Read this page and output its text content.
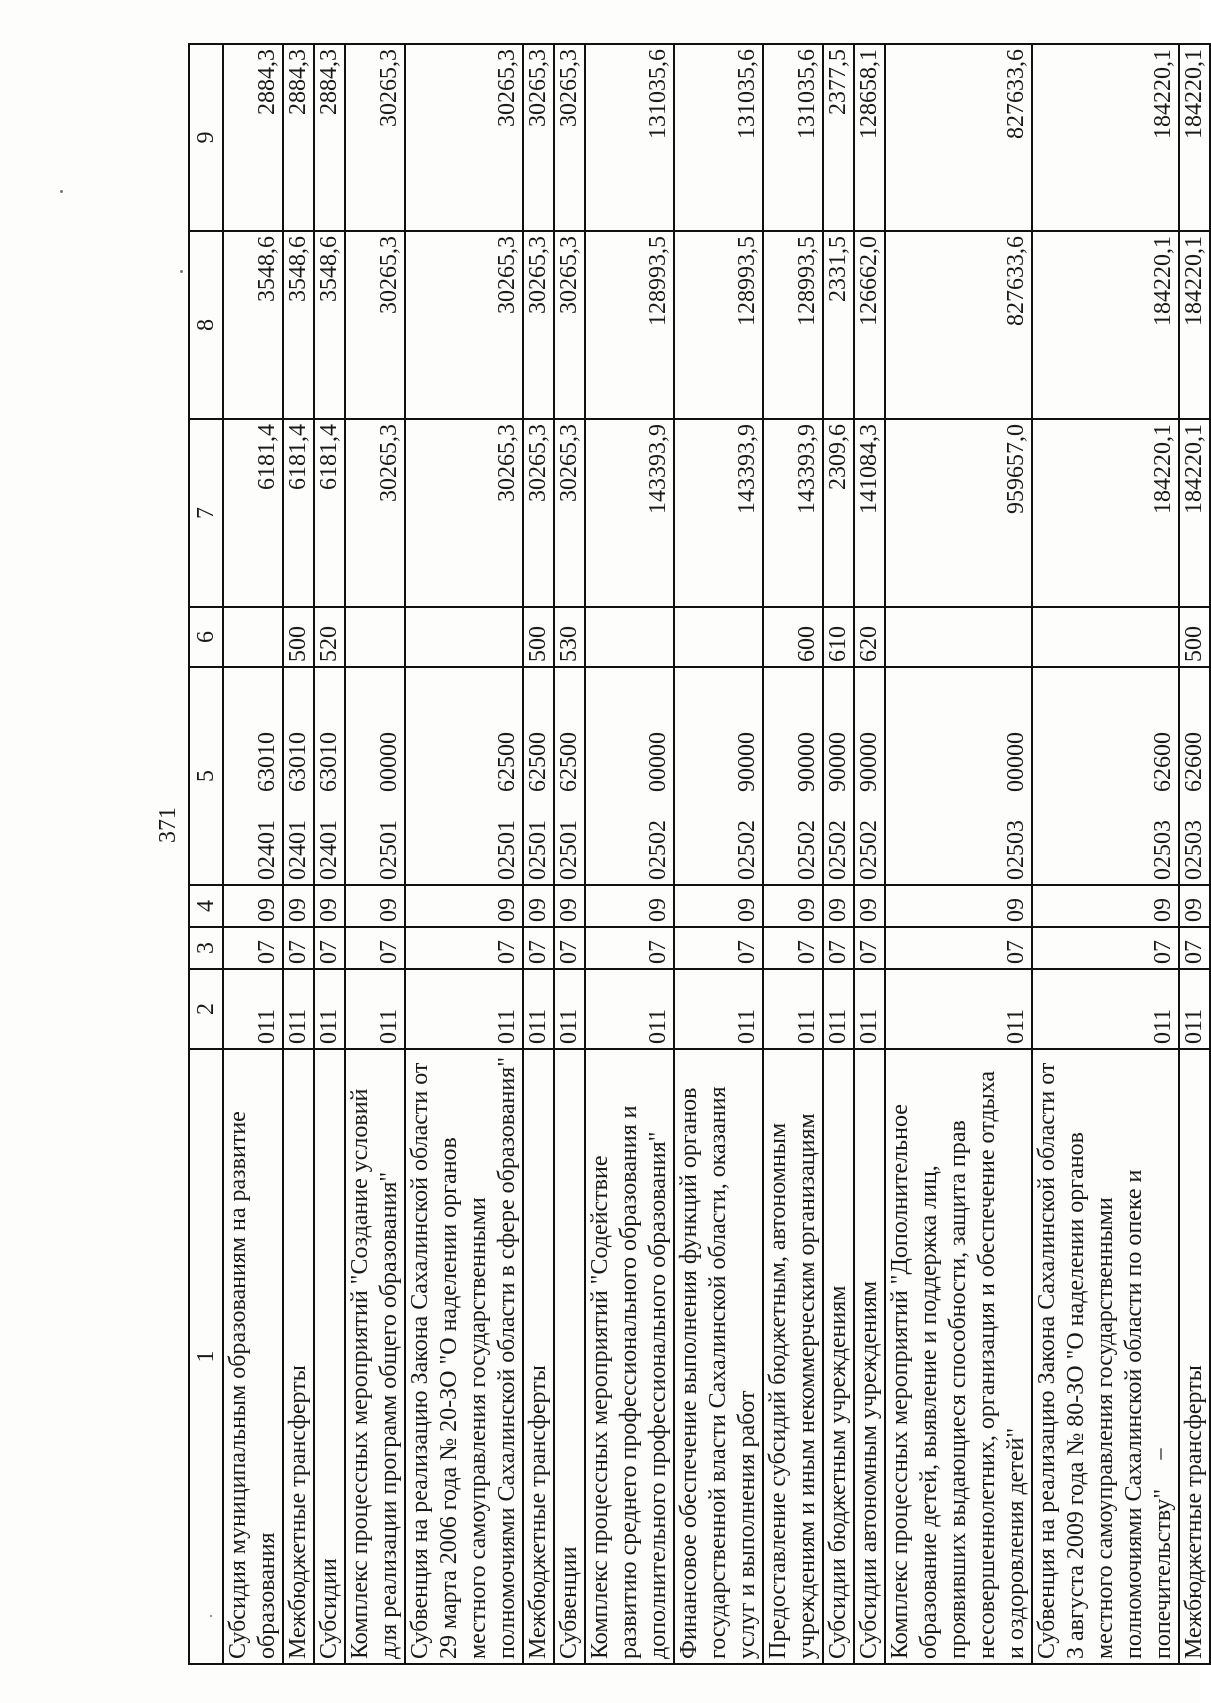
371
1	2	3	4	5	6	7	8	9
Субсидия муниципальным образованиям на развитие образования	011	07	09	0240163010		6181,4	3548,6	2884,3
Межбюджетные трансферты	011	07	09	0240163010	500	6181,4	3548,6	2884,3
Субсидии	011	07	09	0240163010	520	6181,4	3548,6	2884,3
Комплекс процессных мероприятий "Создание условий для реализации программ общего образования"	011	07	09	0250100000		30265,3	30265,3	30265,3
Субвенция на реализацию Закона Сахалинской области от 29 марта 2006 года № 20-ЗО "О наделении органов местного самоуправления государственными полномочиями Сахалинской области в сфере образования"	011	07	09	0250162500		30265,3	30265,3	30265,3
Межбюджетные трансферты	011	07	09	0250162500	500	30265,3	30265,3	30265,3
Субвенции	011	07	09	0250162500	530	30265,3	30265,3	30265,3
Комплекс процессных мероприятий "Содействие развитию среднего профессионального образования и дополнительного профессионального образования"	011	07	09	0250200000		143393,9	128993,5	131035,6
Финансовое обеспечение выполнения функций органов государственной власти Сахалинской области, оказания услуг и выполнения работ	011	07	09	0250290000		143393,9	128993,5	131035,6
Предоставление субсидий бюджетным, автономным учреждениям и иным некоммерческим организациям	011	07	09	0250290000	600	143393,9	128993,5	131035,6
Субсидии бюджетным учреждениям	011	07	09	0250290000	610	2309,6	2331,5	2377,5
Субсидии автономным учреждениям	011	07	09	0250290000	620	141084,3	126662,0	128658,1
Комплекс процессных мероприятий "Дополнительное образование детей, выявление и поддержка лиц, проявивших выдающиеся способности, защита прав несовершеннолетних, организация и обеспечение отдыха и оздоровления детей"	011	07	09	0250300000		959657,0	827633,6	827633,6
Субвенция на реализацию Закона Сахалинской области от 3 августа 2009 года № 80-ЗО "О наделении органов местного самоуправления государственными полномочиями Сахалинской области по опеке и попечительству"	011	07	09	0250362600		184220,1	184220,1	184220,1
Межбюджетные трансферты	011	07	09	0250362600	500	184220,1	184220,1	184220,1
